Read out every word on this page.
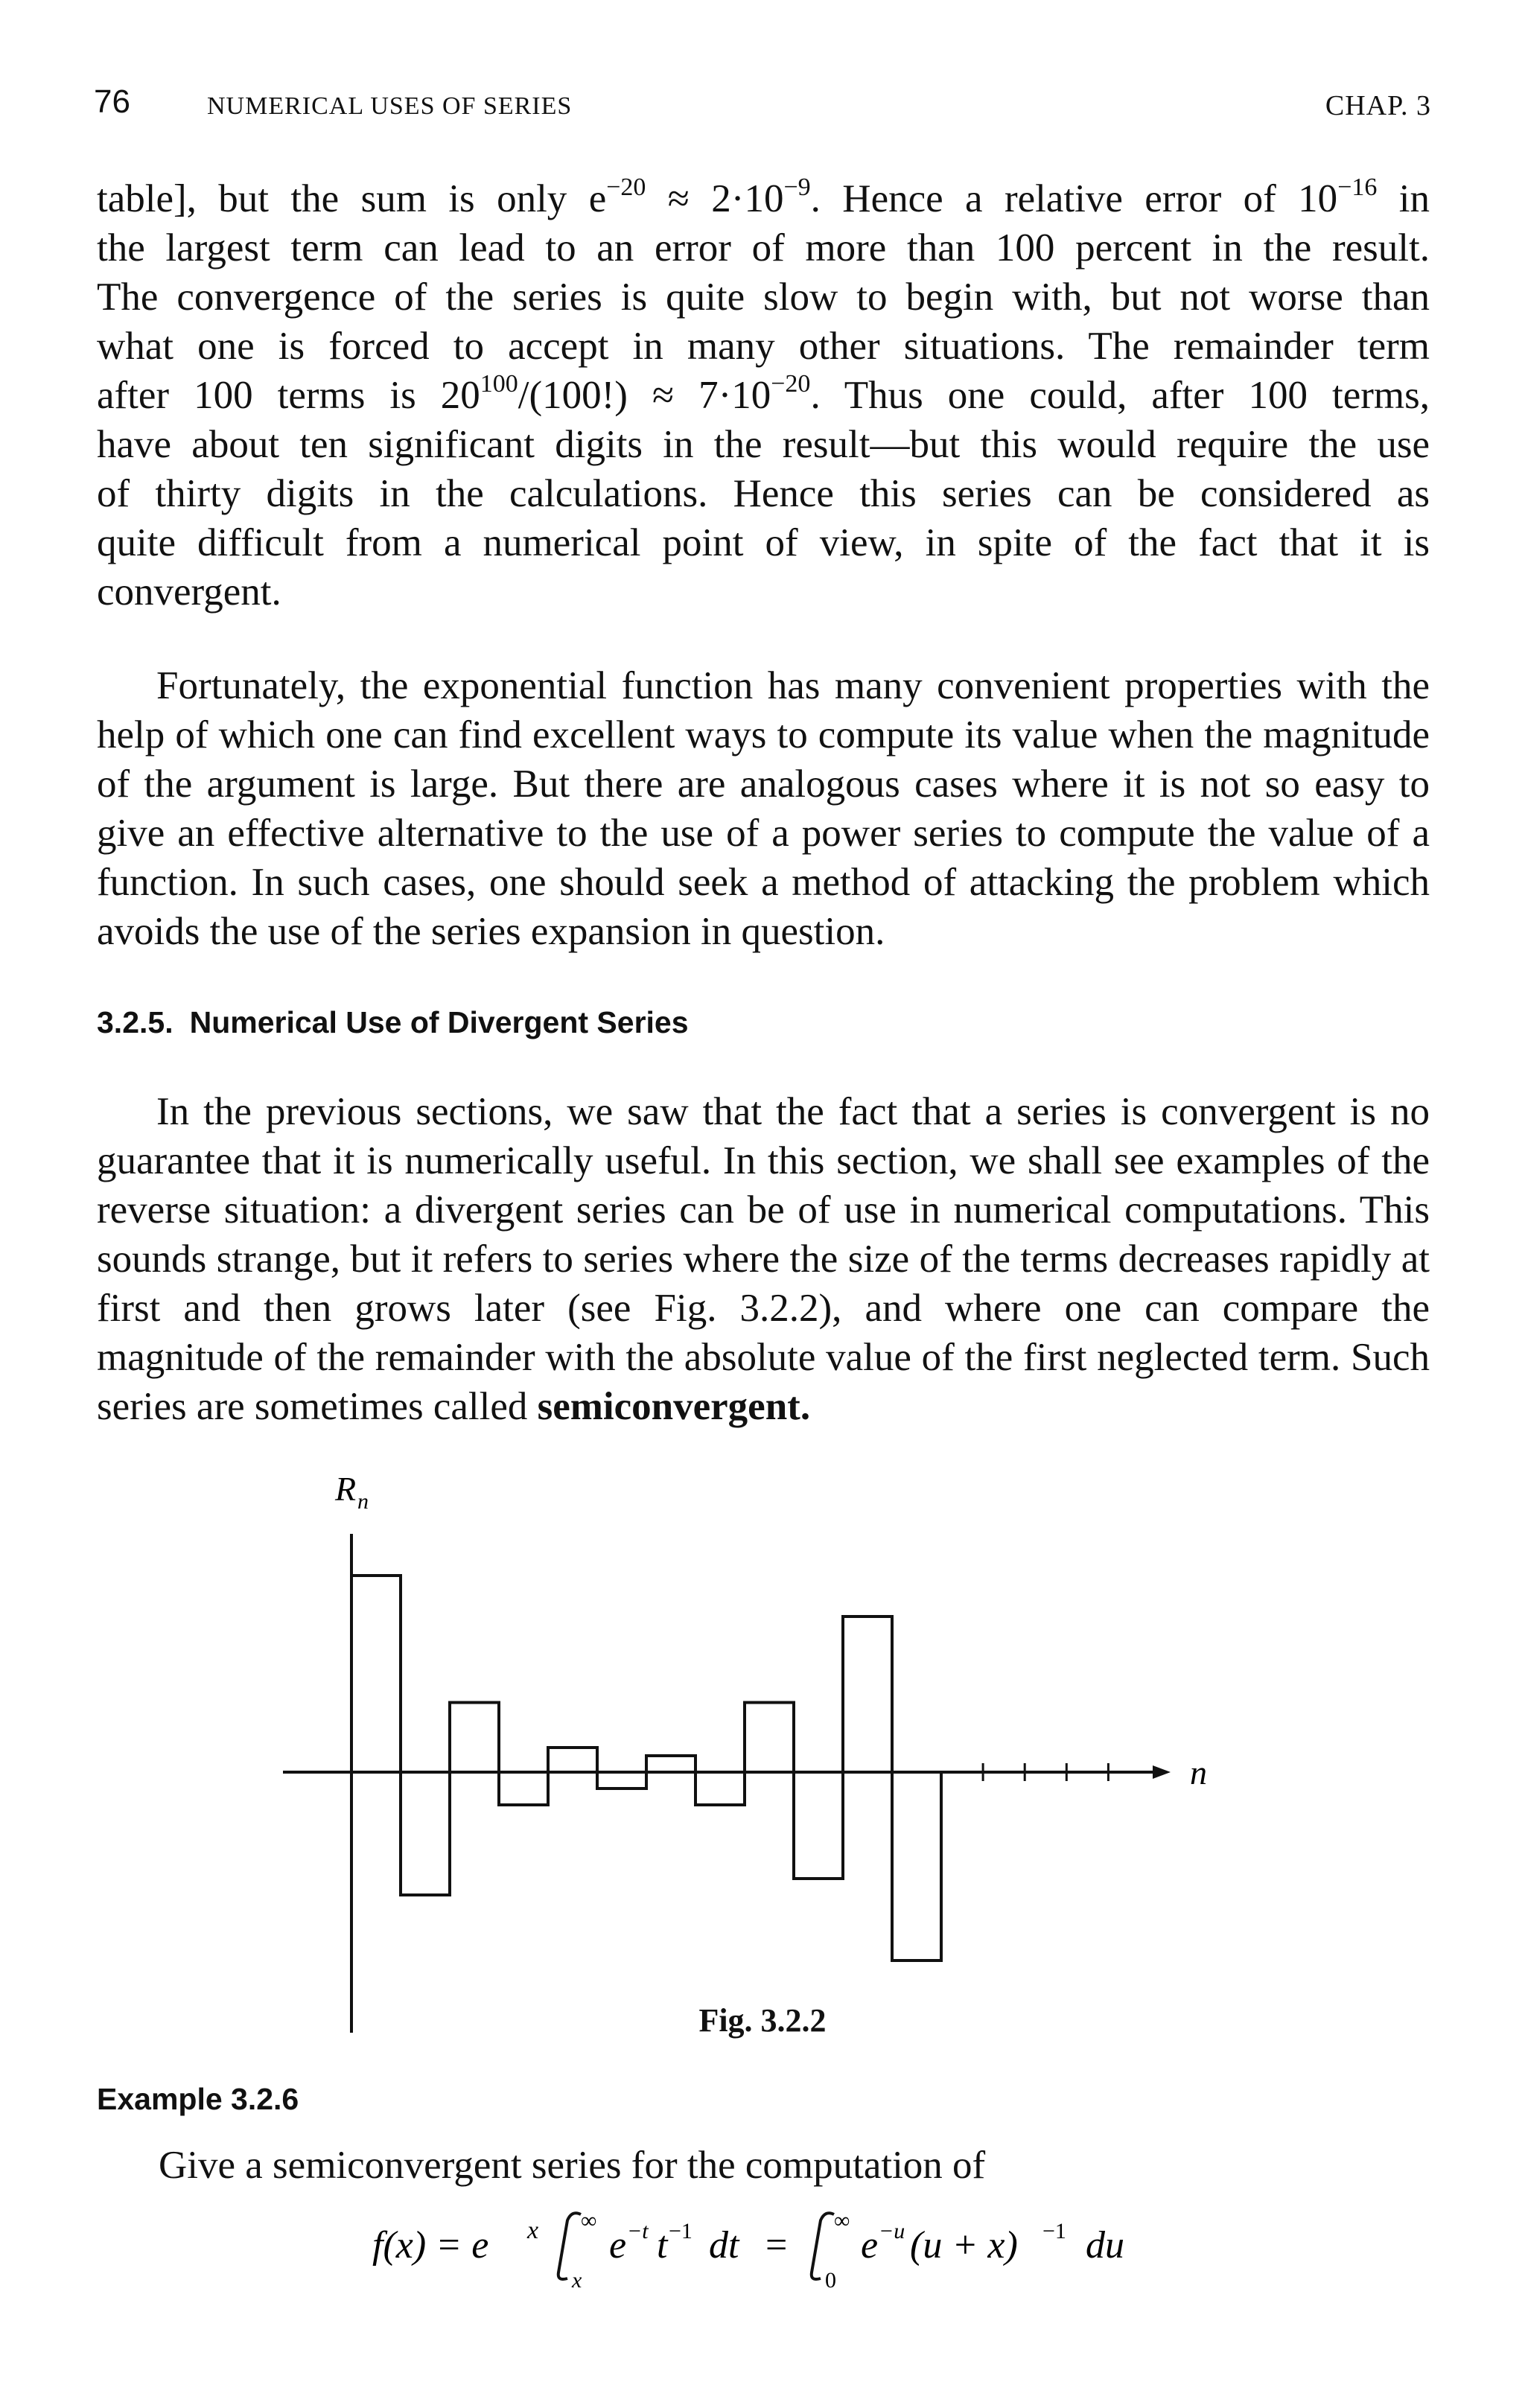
76	NUMERICAL USES OF SERIES	CHAP. 3
table], but the sum is only $e^{-20} \approx 2\cdot 10^{-9}$. Hence a relative error of $10^{-16}$ in
the largest term can lead to an error of more than 100 percent in the result.
The convergence of the series is quite slow to begin with, but not worse than
what one is forced to accept in many other situations. The remainder term
after 100 terms is $20^{100}/(100!) \approx 7\cdot 10^{-20}$. Thus one could, after 100 terms,
have about ten significant digits in the result—but this would require the use
of thirty digits in the calculations. Hence this series can be considered as
quite difficult from a numerical point of view, in spite of the fact that it is
convergent.

Fortunately, the exponential function has many convenient properties with the help of which one can find excellent ways to compute its value when the magnitude of the argument is large. But there are analogous cases where it is not so easy to give an effective alternative to the use of a power series to compute the value of a function. In such cases, one should seek a method of attacking the problem which avoids the use of the series expansion in question.

3.2.5. Numerical Use of Divergent Series

In the previous sections, we saw that the fact that a series is convergent is no guarantee that it is numerically useful. In this section, we shall see examples of the reverse situation: a divergent series can be of use in numerical computations. This sounds strange, but it refers to series where the size of the terms decreases rapidly at first and then grows later (see Fig. 3.2.2), and where one can compare the magnitude of the remainder with the absolute value of the first neglected term. Such series are sometimes called semiconvergent.

R n
n
Fig. 3.2.2
Example 3.2.6
Give a semiconvergent series for the computation of
f(x) = e x ∞
x
e −t t −1 dt =
∞
0
e −u (u + x) −1 du
